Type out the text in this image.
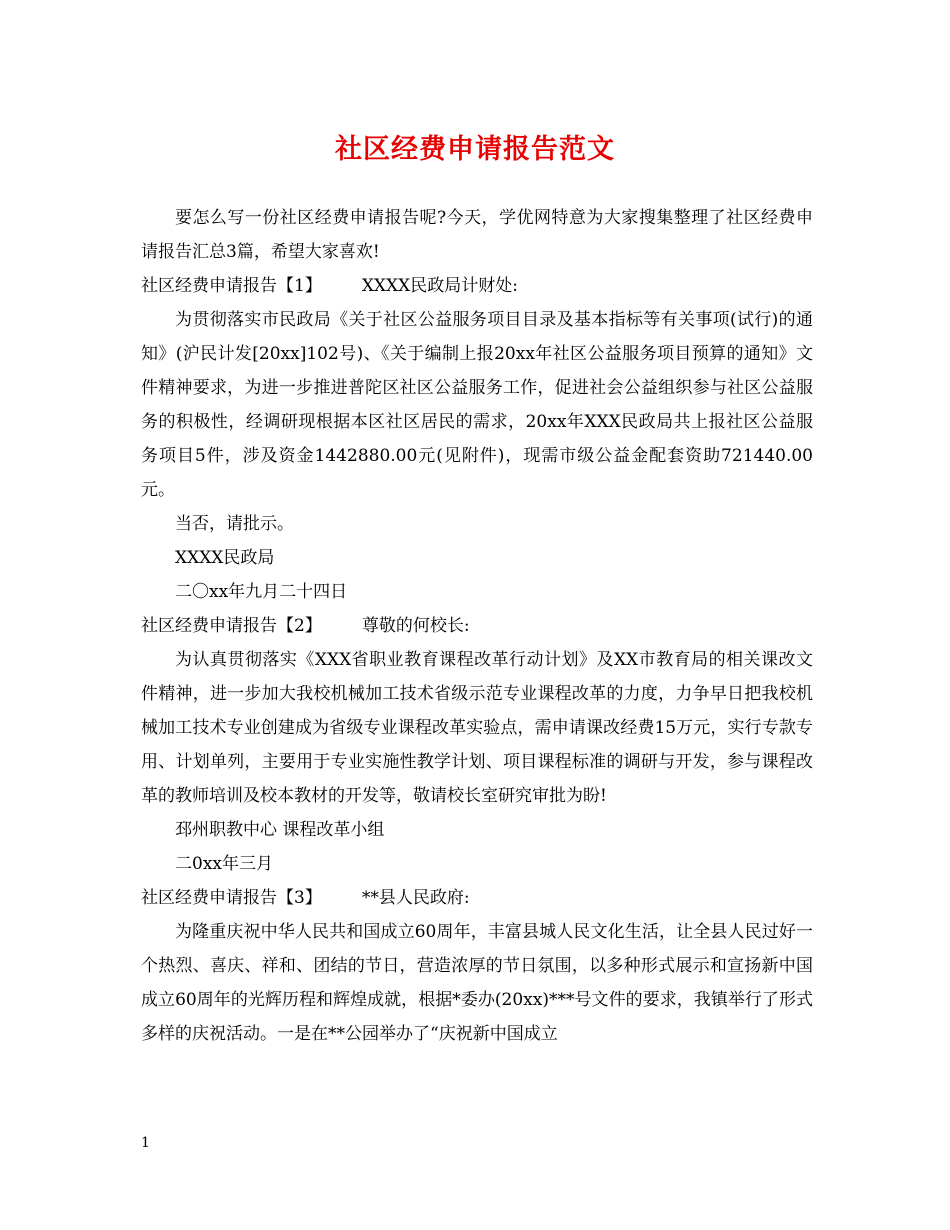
社区经费申请报告范文

要怎么写一份社区经费申请报告呢?今天，学优网特意为大家搜集整理了社区经费申请报告汇总3篇，希望大家喜欢!

社区经费申请报告【1】 XXXX民政局计财处:

为贯彻落实市民政局《关于社区公益服务项目目录及基本指标等有关事项(试行)的通知》(沪民计发[20xx]102号)、《关于编制上报20xx年社区公益服务项目预算的通知》文件精神要求，为进一步推进普陀区社区公益服务工作，促进社会公益组织参与社区公益服务的积极性，经调研现根据本区社区居民的需求，20xx年XXX民政局共上报社区公益服务项目5件，涉及资金1442880.00元(见附件)，现需市级公益金配套资助721440.00元。

当否，请批示。

XXXX民政局

二〇xx年九月二十四日

社区经费申请报告【2】 尊敬的何校长:

为认真贯彻落实《XXX省职业教育课程改革行动计划》及XX市教育局的相关课改文件精神，进一步加大我校机械加工技术省级示范专业课程改革的力度，力争早日把我校机械加工技术专业创建成为省级专业课程改革实验点，需申请课改经费15万元，实行专款专用、计划单列，主要用于专业实施性教学计划、项目课程标准的调研与开发，参与课程改革的教师培训及校本教材的开发等，敬请校长室研究审批为盼!

邳州职教中心 课程改革小组

二0xx年三月

社区经费申请报告【3】 **县人民政府:

为隆重庆祝中华人民共和国成立60周年，丰富县城人民文化生活，让全县人民过好一个热烈、喜庆、祥和、团结的节日，营造浓厚的节日氛围，以多种形式展示和宣扬新中国成立60周年的光辉历程和辉煌成就，根据*委办(20xx)***号文件的要求，我镇举行了形式多样的庆祝活动。一是在**公园举办了“庆祝新中国成立

1
